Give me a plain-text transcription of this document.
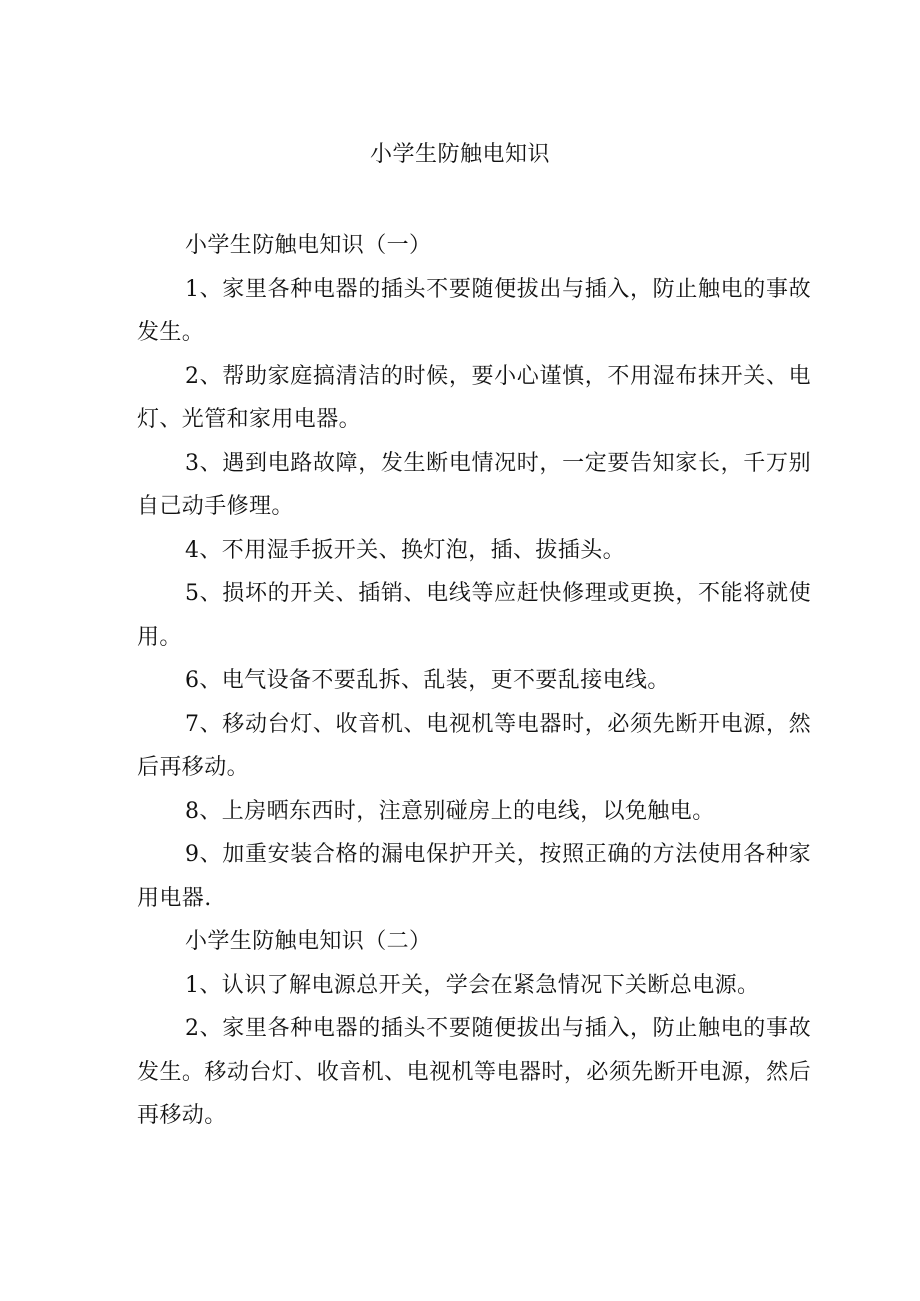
小学生防触电知识

小学生防触电知识（一）

1、家里各种电器的插头不要随便拔出与插入，防止触电的事故发生。

2、帮助家庭搞清洁的时候，要小心谨慎，不用湿布抹开关、电灯、光管和家用电器。

3、遇到电路故障，发生断电情况时，一定要告知家长，千万别自己动手修理。

4、不用湿手扳开关、换灯泡，插、拔插头。

5、损坏的开关、插销、电线等应赶快修理或更换，不能将就使用。

6、电气设备不要乱拆、乱装，更不要乱接电线。

7、移动台灯、收音机、电视机等电器时，必须先断开电源，然后再移动。

8、上房晒东西时，注意别碰房上的电线，以免触电。

9、加重安装合格的漏电保护开关，按照正确的方法使用各种家用电器.

小学生防触电知识（二）

1、认识了解电源总开关，学会在紧急情况下关断总电源。

2、家里各种电器的插头不要随便拔出与插入，防止触电的事故发生。移动台灯、收音机、电视机等电器时，必须先断开电源，然后再移动。
